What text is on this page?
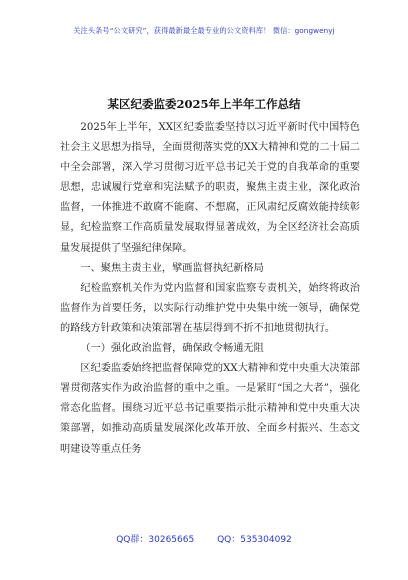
关注头条号“公文研究”，获得最新最全最专业的公文资料库！ 微信：gongwenyj
某区纪委监委2025年上半年工作总结

2025年上半年，XX区纪委监委坚持以习近平新时代中国特色社会主义思想为指导，全面贯彻落实党的XX大精神和党的二十届二中全会部署，深入学习贯彻习近平总书记关于党的自我革命的重要思想，忠诚履行党章和宪法赋予的职责，聚焦主责主业，深化政治监督，一体推进不敢腐不能腐、不想腐，正风肃纪反腐效能持续彰显，纪检监察工作高质量发展取得显著成效，为全区经济社会高质量发展提供了坚强纪律保障。

一、聚焦主责主业，擘画监督执纪新格局

纪检监察机关作为党内监督和国家监察专责机关，始终将政治监督作为首要任务，以实际行动维护党中央集中统一领导，确保党的路线方针政策和决策部署在基层得到不折不扣地贯彻执行。

（一）强化政治监督，确保政令畅通无阻

区纪委监委始终把监督保障党的XX大精神和党中央重大决策部署贯彻落实作为政治监督的重中之重。一是紧盯“国之大者”，强化常态化监督。围绕习近平总书记重要指示批示精神和党中央重大决策部署，如推动高质量发展深化改革开放、全面乡村振兴、生态文明建设等重点任务

QQ群：30265665	QQ：535304092
